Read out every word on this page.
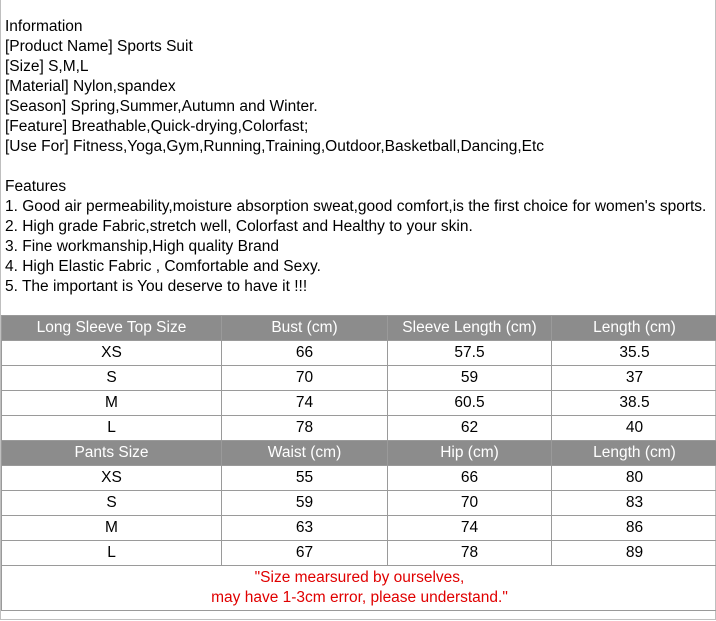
Information
[Product Name] Sports Suit
[Size] S,M,L
[Material] Nylon,spandex
[Season] Spring,Summer,Autumn and Winter.
[Feature] Breathable,Quick-drying,Colorfast;
[Use For] Fitness,Yoga,Gym,Running,Training,Outdoor,Basketball,Dancing,Etc
Features
1. Good air permeability,moisture absorption sweat,good comfort,is the first choice for women's sports.
2. High grade Fabric,stretch well, Colorfast and Healthy to your skin.
3. Fine workmanship,High quality Brand
4. High Elastic Fabric , Comfortable and Sexy.
5. The important is You deserve to have it !!!
Long Sleeve Top Size	Bust (cm)	Sleeve Length (cm)	Length (cm)
XS	66	57.5	35.5
S	70	59	37
M	74	60.5	38.5
L	78	62	40
Pants Size	Waist (cm)	Hip (cm)	Length (cm)
XS	55	66	80
S	59	70	83
M	63	74	86
L	67	78	89

"Size mearsured by ourselves,
may have 1-3cm error, please understand."			
